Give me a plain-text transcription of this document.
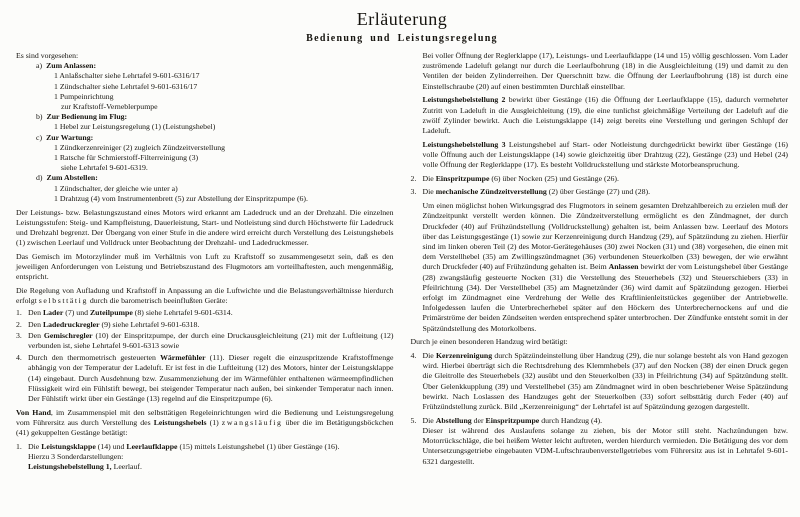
Erläuterung
Bedienung und Leistungsregelung

Es sind vorgesehen:

a) Zum Anlassen:

1 Anlaßschalter siehe Lehrtafel 9-601-6316/17

1 Zündschalter siehe Lehrtafel 9-601-6316/17

1 Pumpeinrichtung

zur Kraftstoff-Verneblerpumpe

b) Zur Bedienung im Flug:

1 Hebel zur Leistungsregelung (1) (Leistungshebel)

c) Zur Wartung:

1 Zündkerzenreiniger (2) zugleich Zündzeitverstellung

1 Ratsche für Schmierstoff-Filterreinigung (3)

siehe Lehrtafel 9-601-6319.

d) Zum Abstellen:

1 Zündschalter, der gleiche wie unter a)

1 Drahtzug (4) vom Instrumentenbrett (5) zur Abstellung der Einspritzpumpe (6).

Der Leistungs- bzw. Belastungszustand eines Motors wird erkannt am Ladedruck und an der Drehzahl. Die einzelnen Leistungsstufen: Steig- und Kampfleistung, Dauerleistung, Start- und Notleistung sind durch Höchstwerte für Ladedruck und Drehzahl begrenzt. Der Übergang von einer Stufe in die andere wird erreicht durch Verstellung des Leistungshebels (1) zwischen Leerlauf und Volldruck unter Beobachtung der Drehzahl- und Ladedruckmesser.

Das Gemisch im Motorzylinder muß im Verhältnis von Luft zu Kraftstoff so zusammengesetzt sein, daß es den jeweiligen Anforderungen von Leistung und Betriebszustand des Flugmotors am vorteilhaftesten, auch mengenmäßig, entspricht.

Die Regelung von Aufladung und Kraftstoff in Anpassung an die Luftwichte und die Belastungsverhältnisse hierdurch erfolgt selbsttätig durch die barometrisch beeinflußten Geräte:

1. Den Lader (7) und Zuteilpumpe (8) siehe Lehrtafel 9-601-6314.

2. Den Ladedruckregler (9) siehe Lehrtafel 9-601-6318.

3. Den Gemischregler (10) der Einspritzpumpe, der durch eine Druckausgleichleitung (21) mit der Luftleitung (12) verbunden ist, siehe Lehrtafel 9-601-6313 sowie

4. Durch den thermometrisch gesteuerten Wärmefühler (11). Dieser regelt die einzuspritzende Kraftstoffmenge abhängig von der Temperatur der Ladeluft. Er ist fest in die Luftleitung (12) des Motors, hinter der Leistungsklappe (14) eingebaut. Durch Ausdehnung bzw. Zusammenziehung der im Wärmefühler enthaltenen wärmeempfindlichen Flüssigkeit wird ein Fühlstift bewegt, bei steigender Temperatur nach außen, bei sinkender Temperatur nach innen. Der Fühlstift wirkt über ein Gestänge (13) regelnd auf die Einspritzpumpe (6).

Von Hand, im Zusammenspiel mit den selbsttätigen Regeleinrichtungen wird die Bedienung und Leistungsregelung vom Führersitz aus durch Verstellung des Leistungshebels (1) zwangsläufig über die im Betätigungsböckchen (41) gekuppelten Gestänge betätigt:

1. Die Leistungsklappe (14) und Leerlaufklappe (15) mittels Leistungshebel (1) über Gestänge (16).

Hierzu 3 Sonderdarstellungen:

Leistungshebelstellung 1, Leerlauf.

Bei voller Öffnung der Reglerklappe (17), Leistungs- und Leerlaufklappe (14 und 15) völlig geschlossen. Vom Lader zuströmende Ladeluft gelangt nur durch die Leerlaufbohrung (18) in die Ausgleichleitung (19) und damit zu den Ventilen der beiden Zylinderreihen. Der Querschnitt bzw. die Öffnung der Leerlaufbohrung (18) ist durch eine Einstellschraube (20) auf einen bestimmten Durchlaß einstellbar.

Leistungshebelstellung 2 bewirkt über Gestänge (16) die Öffnung der Leerlaufklappe (15), dadurch vermehrter Zutritt von Ladeluft in die Ausgleichleitung (19), die eine tunlichst gleichmäßige Verteilung der Ladeluft auf die zwölf Zylinder bewirkt. Auch die Leistungsklappe (14) zeigt bereits eine Verstellung und geringen Schlupf der Ladeluft.

Leistungshebelstellung 3 Leistungshebel auf Start- oder Notleistung durchgedrückt bewirkt über Gestänge (16) volle Öffnung auch der Leistungsklappe (14) sowie gleichzeitig über Drahtzug (22), Gestänge (23) und Hebel (24) volle Öffnung der Reglerklappe (17). Es besteht Volldruckstellung und stärkste Motorbeanspruchung.

2. Die Einspritzpumpe (6) über Nocken (25) und Gestänge (26).

3. Die mechanische Zündzeitverstellung (2) über Gestänge (27) und (28).

Um einen möglichst hohen Wirkungsgrad des Flugmotors in seinem gesamten Drehzahlbereich zu erzielen muß der Zündzeitpunkt verstellt werden können. Die Zündzeitverstellung ermöglicht es den Zündmagnet, der durch Druckfeder (40) auf Frühzündstellung (Volldruckstellung) gehalten ist, beim Anlassen bzw. Leerlauf des Motors über das Leistungsgestänge (1) sowie zur Kerzenreinigung durch Handzug (29), auf Spätzündung zu ziehen. Hierfür sind im linken oberen Teil (2) des Motor-Gerätegehäuses (30) zwei Nocken (31) und (38) vorgesehen, die einen mit dem Verstellhebel (35) am Zwillingszündmagnet (36) verbundenen Steuerkolben (33) bewegen, der wie erwähnt durch Druckfeder (40) auf Frühzündung gehalten ist. Beim Anlassen bewirkt der vom Leistungshebel über Gestänge (28) zwangsläufig gesteuerte Nocken (31) die Verstellung des Steuerhebels (32) und Steuerschiebers (33) in Pfeilrichtung (34). Der Verstellhebel (35) am Magnetzünder (36) wird damit auf Spätzündung gezogen. Hierbei erfolgt im Zündmagnet eine Verdrehung der Welle des Kraftlinienleitstückes gegenüber der Antriebwelle. Infolgedessen laufen die Unterbrecherhebel später auf den Höckern des Unterbrechernockens auf und die Primärströme der beiden Zündseiten werden entsprechend später unterbrochen. Der Zündfunke entsteht somit in der Spätzündstellung des Motorkolbens.

Durch je einen besonderen Handzug wird betätigt:

4. Die Kerzenreinigung durch Spätzündeinstellung über Handzug (29), die nur solange besteht als von Hand gezogen wird. Hierbei überträgt sich die Rechtsdrehung des Klemmhebels (37) auf den Nocken (38) der einen Druck gegen die Gleitrolle des Steuerhebels (32) ausübt und den Steuerkolben (33) in Pfeilrichtung (34) auf Spätzündung stellt. Über Gelenkkupplung (39) und Verstellhebel (35) am Zündmagnet wird in oben beschriebener Weise Spätzündung bewirkt. Nach Loslassen des Handzuges geht der Steuerkolben (33) sofort selbsttätig durch Feder (40) auf Frühzündstellung zurück. Bild „Kerzenreinigung“ der Lehrtafel ist auf Spätzündung gezogen dargestellt.

5. Die Abstellung der Einspritzpumpe durch Handzug (4).

Dieser ist während des Auslaufens solange zu ziehen, bis der Motor still steht. Nachzündungen bzw. Motorrückschläge, die bei heißem Wetter leicht auftreten, werden hierdurch vermieden. Die Betätigung des vor dem Untersetzungsgetriebe eingebauten VDM-Luftschraubenverstellgetriebes vom Führersitz aus ist in Lehrtafel 9-601-6321 dargestellt.
